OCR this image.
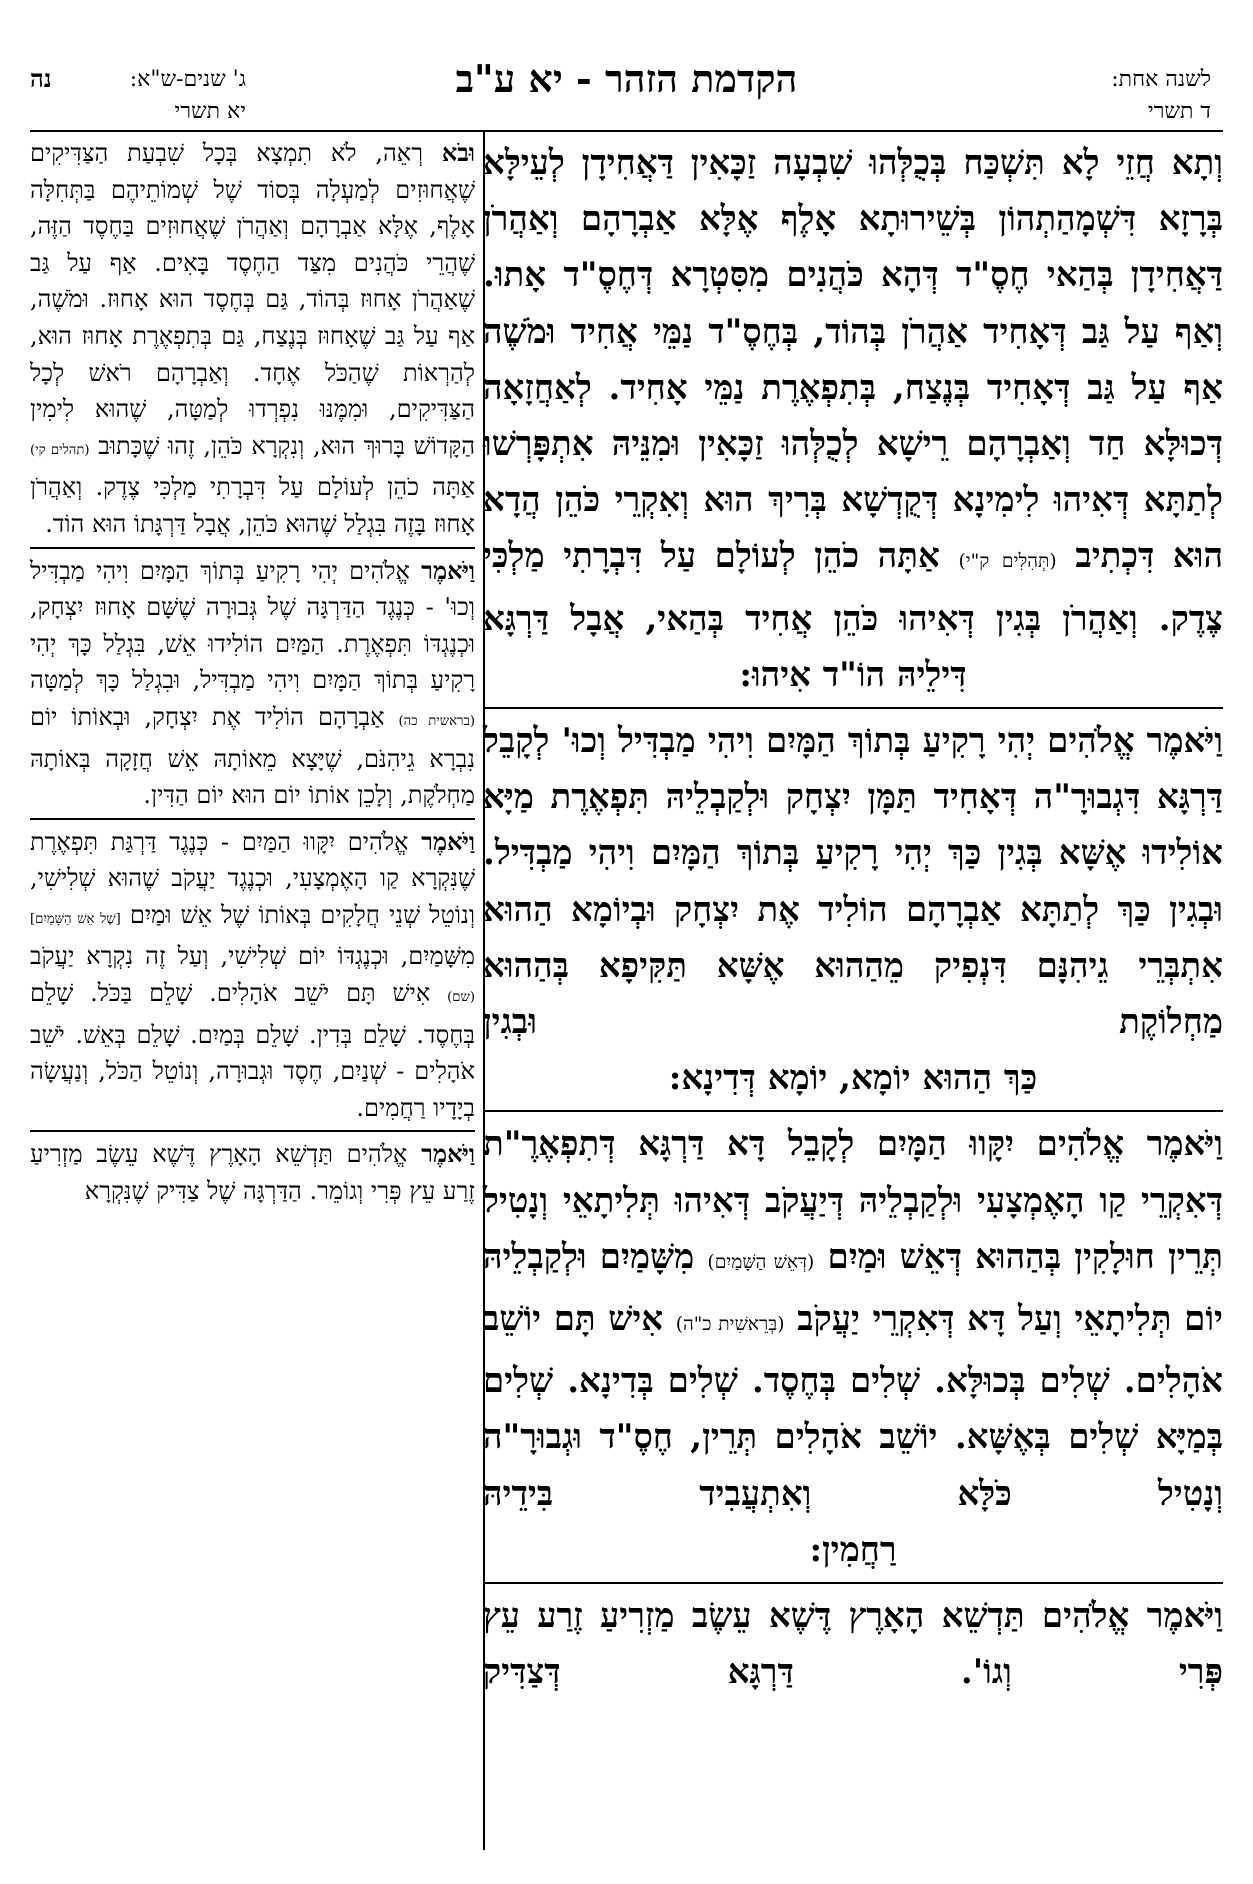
לשנה אחת:
ד תשרי
הקדמת הזהר - יא ע"ב
ג' שנים-ש"א:
יא תשרי
נה

וְתָא חֲזֵי לָא תִּשְׁכַּח בְּכֻלְּהוּ שִׁבְעָה זַכָּאִין דַּאֲחִידָן לְעֵילָּא בְּרָזָא דִּשְׁמָהַתְהוֹן בְּשֵׁירוּתָא אָלֶף אֶלָּא אַבְרָהָם וְאַהֲרֹן דַּאֲחִידָן בְּהַאי חֶסֶ"ד דְּהָא כֹּהֲנִים מִסִּטְרָא דְּחֶסֶ"ד אָתוּ. וְאַף עַל גַּב דְּאָחִיד אַהֲרֹן בְּהוֹד, בְּחֶסֶ"ד נַמֵּי אֲחִיד וּמֹשֶׁה אַף עַל גַּב דְּאָחִיד בְּנֶצַח, בְּתִפְאֶרֶת נַמֵּי אָחִיד. לְאַחֲזָאָה דְּכוּלָּא חַד וְאַבְרָהָם רֵישָׁא לְכֻלְּהוּ זַכָּאִין וּמִנֵּיהּ אִתְפָּרְשׁוּ לְתַתָּא דְּאִיהוּ לִימִינָא דְּקֻדְשָׁא בְּרִיךְ הוּא וְאִקְרֵי כֹּהֵן הֲדָא הוּא דִּכְתִיב (תְּהִלִּים ק"י) אַתָּה כֹהֵן לְעוֹלָם עַל דִּבְרָתִי מַלְכִּי צֶדֶק. וְאַהֲרֹן בְּגִין דְּאִיהוּ כֹּהֵן אֲחִיד בְּהַאי, אֲבָל דַּרְגָּא

דִּילֵיהּ הוֹ"ד אִיהוּ:

וַיֹּאמֶר אֱלֹהִים יְהִי רָקִיעַ בְּתוֹךְ הַמָּיִם וִיהִי מַבְדִּיל וְכוּ' לְקָבֵל דַּרְגָּא דִּגְבוּרָ"ה דְּאָחִיד תַּמָּן יִצְחָק וּלְקַבְלֵיהּ תִּפְאֶרֶת מַיָּא אוֹלִידוּ אֶשָּׁא בְּגִין כַּךְ יְהִי רָקִיעַ בְּתוֹךְ הַמָּיִם וִיהִי מַבְדִּיל. וּבְגִין כַּךְ לְתַתָּא אַבְרָהָם הוֹלִיד אֶת יִצְחָק וּבְיוֹמָא הַהוּא אִתְבְּרֵי גֵיהִנָּם דִּנְפִיק מֵהַהוּא אֶשָּׁא תַּקִּיפָא בְּהַהוּא מַחְלוֹקֶת וּבְגִין

כַּךְ הַהוּא יוֹמָא, יוֹמָא דְּדִינָא:

וַיֹּאמֶר אֱלֹהִים יִקָּווּ הַמָּיִם לְקָבֵל דָּא דַּרְגָּא דְּתִפְאֶרֶ"ת דְּאִקְרֵי קַו הָאֶמְצָעִי וּלְקַבְלֵיהּ דְּיַעֲקֹב דְּאִיהוּ תְּלִיתָאֵי וְנָטִיל תְּרֵין חוּלָקִין בְּהַהוּא דְּאֵשׁ וּמַיִם (דְּאֵשׁ הַשָּׁמַיִם) מִשָּׁמַיִם וּלְקַבְלֵיהּ יוֹם תְּלִיתָאֵי וְעַל דָּא דְּאִקְרֵי יַעֲקֹב (בְּרֵאשִׁית כ"ה) אִישׁ תָּם יוֹשֵׁב אֹהָלִים. שְׁלִים בְּכוּלָּא. שְׁלִים בְּחֶסֶד. שְׁלִים בְּדִינָא. שְׁלִים בְּמַיָּא שְׁלִים בְּאֶשָּׁא. יוֹשֵׁב אֹהָלִים תְּרֵין, חֶסֶ"ד וּגְבוּרָ"ה וְנָטִיל כֹּלָּא וְאִתְעֲבִיד בִּידֵיהּ

רַחֲמִין:

וַיֹּאמֶר אֱלֹהִים תַּדְשֵׁא הָאָרֶץ דֶּשֶׁא עֵשֶׂב מַזְרִיעַ זֶרַע עֵץ פְּרִי וְגוֹ'. דַּרְגָּא דְּצַדִּיק

וּבֹא רְאֵה, לֹא תִמְצָא בְּכָל שִׁבְעַת הַצַּדִּיקִים שֶׁאֲחוּזִים לְמַעְלָה בְּסוֹד שֶׁל שְׁמוֹתֵיהֶם בַּתְּחִלָּה אָלֶף, אֶלָּא אַבְרָהָם וְאַהֲרֹן שֶׁאֲחוּזִים בַּחֶסֶד הַזֶּה, שֶׁהֲרֵי כֹּהֲנִים מִצַּד הַחֶסֶד בָּאִים. אַף עַל גַּב שֶׁאַהֲרֹן אָחוּז בְּהוֹד, גַּם בְּחֶסֶד הוּא אָחוּז. וּמֹשֶׁה, אַף עַל גַּב שֶׁאָחוּז בְּנֶצַח, גַּם בְּתִפְאֶרֶת אָחוּז הוּא, לְהַרְאוֹת שֶׁהַכֹּל אֶחָד. וְאַבְרָהָם רֹאשׁ לְכָל הַצַּדִּיקִים, וּמִמֶּנּוּ נִפְרְדוּ לְמַטָּה, שֶׁהוּא לִימִין הַקָּדוֹשׁ בָּרוּךְ הוּא, וְנִקְרָא כֹּהֵן, זֶהוּ שֶׁכָּתוּב (תהלים קי) אַתָּה כֹהֵן לְעוֹלָם עַל דִּבְרָתִי מַלְכִּי צֶדֶק. וְאַהֲרֹן אָחוּז בָּזֶה בִּגְלַל שֶׁהוּא כֹּהֵן, אֲבָל דַּרְגָּתוֹ הוּא הוֹד.

וַיֹּאמֶר אֱלֹהִים יְהִי רָקִיעַ בְּתוֹךְ הַמָּיִם וִיהִי מַבְדִּיל וְכוּ' - כְּנֶגֶד הַדַּרְגָּה שֶׁל גְּבוּרָה שֶׁשָּׁם אָחוּז יִצְחָק, וּכְנֶגְדּוֹ תִּפְאֶרֶת. הַמַּיִם הוֹלִידוּ אֵשׁ, בִּגְלַל כָּךְ יְהִי רָקִיעַ בְּתוֹךְ הַמָּיִם וִיהִי מַבְדִּיל, וּבִגְלַל כָּךְ לְמַטָּה (בראשית כה) אַבְרָהָם הוֹלִיד אֶת יִצְחָק, וּבְאוֹתוֹ יוֹם נִבְרָא גֵיהִנֹּם, שֶׁיָּצָא מֵאוֹתָהּ אֵשׁ חֲזָקָה בְּאוֹתָהּ מַחְלֹקֶת, וְלָכֵן אוֹתוֹ יוֹם הוּא יוֹם הַדִּין.

וַיֹּאמֶר אֱלֹהִים יִקָּווּ הַמַּיִם - כְּנֶגֶד דַּרְגַּת תִּפְאֶרֶת שֶׁנִּקְרָא קַו הָאֶמְצָעִי, וּכְנֶגֶד יַעֲקֹב שֶׁהוּא שְׁלִישִׁי, וְנוֹטֵל שְׁנֵי חֲלָקִים בְּאוֹתוֹ שֶׁל אֵשׁ וּמַיִם [שֶׁל אֵשׁ הַשָּׁמַיִם] מִשָּׁמַיִם, וּכְנֶגְדּוֹ יוֹם שְׁלִישִׁי, וְעַל זֶה נִקְרָא יַעֲקֹב (שם) אִישׁ תָּם יֹשֵׁב אֹהָלִים. שָׁלֵם בַּכֹּל. שָׁלֵם בְּחֶסֶד. שָׁלֵם בְּדִין. שָׁלֵם בְּמַיִם. שָׁלֵם בְּאֵשׁ. יֹשֵׁב אֹהָלִים - שְׁנַיִם, חֶסֶד וּגְבוּרָה, וְנוֹטֵל הַכֹּל, וְנַעֲשָׂה בְיָדָיו רַחֲמִים.

וַיֹּאמֶר אֱלֹהִים תַּדְשֵׁא הָאָרֶץ דֶּשֶׁא עֵשֶׂב מַזְרִיעַ זֶרַע עֵץ פְּרִי וְגוֹמֵר. הַדַּרְגָּה שֶׁל צַדִּיק שֶׁנִּקְרָא
